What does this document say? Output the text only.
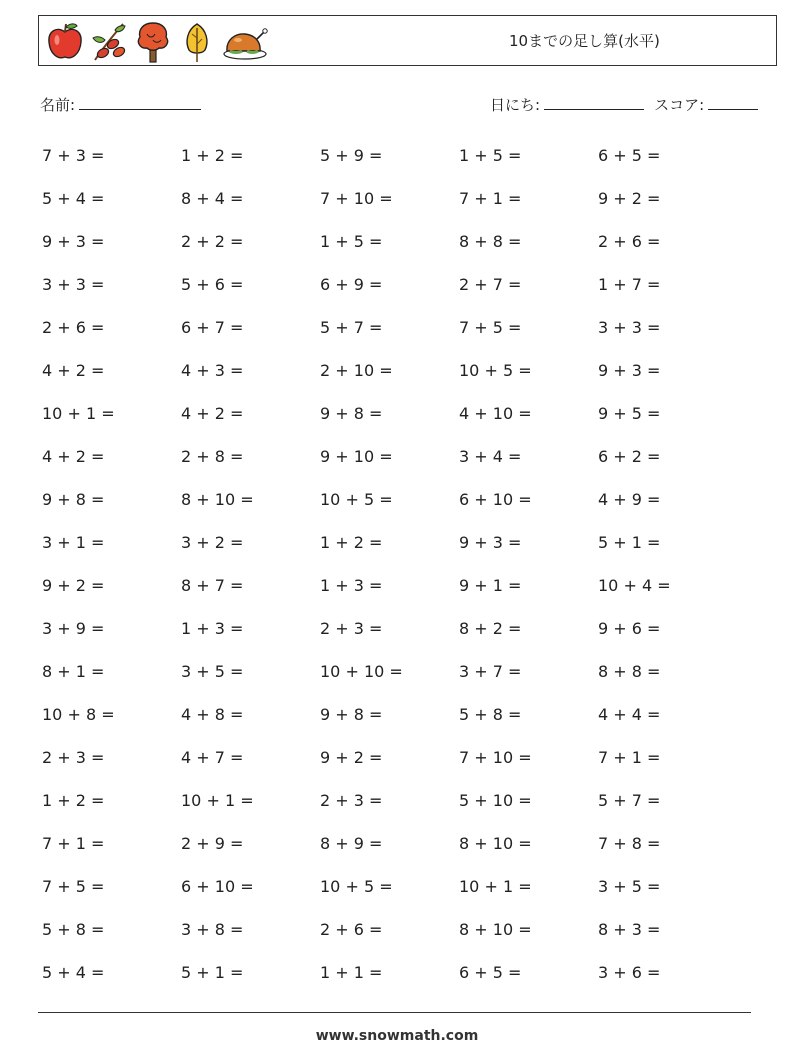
10までの足し算(水平)
名前:	日にち:	スコア:
7 + 3 =	1 + 2 =	5 + 9 =	1 + 5 =	6 + 5 =
5 + 4 =	8 + 4 =	7 + 10 =	7 + 1 =	9 + 2 =
9 + 3 =	2 + 2 =	1 + 5 =	8 + 8 =	2 + 6 =
3 + 3 =	5 + 6 =	6 + 9 =	2 + 7 =	1 + 7 =
2 + 6 =	6 + 7 =	5 + 7 =	7 + 5 =	3 + 3 =
4 + 2 =	4 + 3 =	2 + 10 =	10 + 5 =	9 + 3 =
10 + 1 =	4 + 2 =	9 + 8 =	4 + 10 =	9 + 5 =
4 + 2 =	2 + 8 =	9 + 10 =	3 + 4 =	6 + 2 =
9 + 8 =	8 + 10 =	10 + 5 =	6 + 10 =	4 + 9 =
3 + 1 =	3 + 2 =	1 + 2 =	9 + 3 =	5 + 1 =
9 + 2 =	8 + 7 =	1 + 3 =	9 + 1 =	10 + 4 =
3 + 9 =	1 + 3 =	2 + 3 =	8 + 2 =	9 + 6 =
8 + 1 =	3 + 5 =	10 + 10 =	3 + 7 =	8 + 8 =
10 + 8 =	4 + 8 =	9 + 8 =	5 + 8 =	4 + 4 =
2 + 3 =	4 + 7 =	9 + 2 =	7 + 10 =	7 + 1 =
1 + 2 =	10 + 1 =	2 + 3 =	5 + 10 =	5 + 7 =
7 + 1 =	2 + 9 =	8 + 9 =	8 + 10 =	7 + 8 =
7 + 5 =	6 + 10 =	10 + 5 =	10 + 1 =	3 + 5 =
5 + 8 =	3 + 8 =	2 + 6 =	8 + 10 =	8 + 3 =
5 + 4 =	5 + 1 =	1 + 1 =	6 + 5 =	3 + 6 =
www.snowmath.com
